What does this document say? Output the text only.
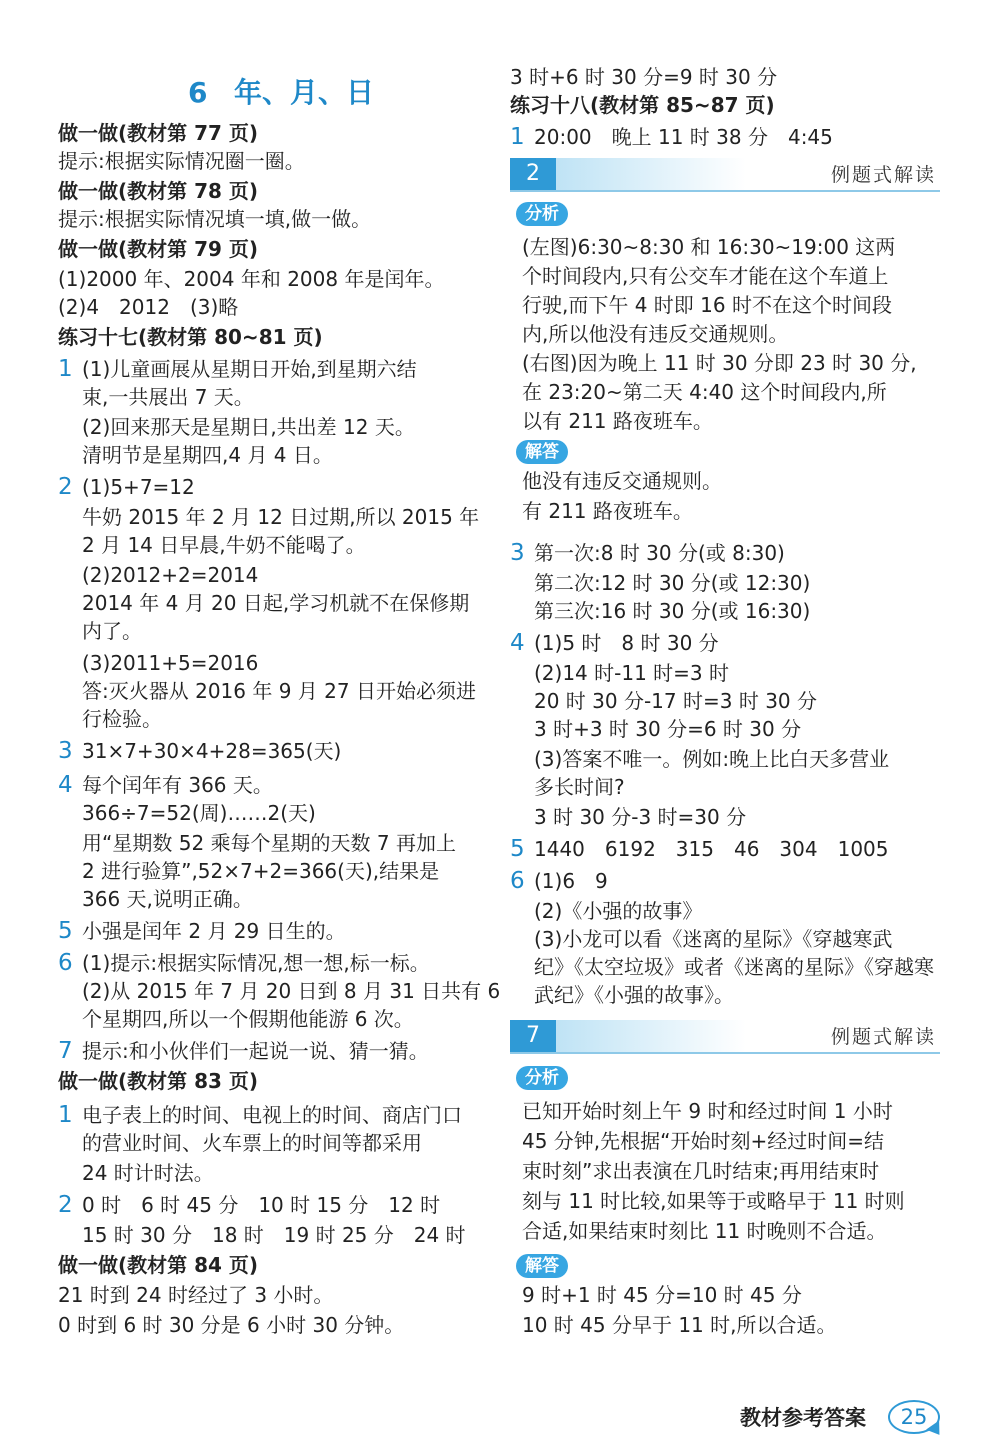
6 年、月、日
做一做(教材第 77 页)
提示:根据实际情况圈一圈。
做一做(教材第 78 页)
提示:根据实际情况填一填,做一做。
做一做(教材第 79 页)
(1)2000 年、2004 年和 2008 年是闰年。
(2)4　2012　(3)略
练习十七(教材第 80~81 页)
1 (1)儿童画展从星期日开始,到星期六结
束,一共展出 7 天。
(2)回来那天是星期日,共出差 12 天。
清明节是星期四,4 月 4 日。
2 (1)5+7=12
牛奶 2015 年 2 月 12 日过期,所以 2015 年
2 月 14 日早晨,牛奶不能喝了。
(2)2012+2=2014
2014 年 4 月 20 日起,学习机就不在保修期
内了。
(3)2011+5=2016
答:灭火器从 2016 年 9 月 27 日开始必须进
行检验。
3 31×7+30×4+28=365(天)
4 每个闰年有 366 天。
366÷7=52(周)……2(天)
用“星期数 52 乘每个星期的天数 7 再加上
2 进行验算”,52×7+2=366(天),结果是
366 天,说明正确。
5 小强是闰年 2 月 29 日生的。
6 (1)提示:根据实际情况,想一想,标一标。
(2)从 2015 年 7 月 20 日到 8 月 31 日共有 6
个星期四,所以一个假期他能游 6 次。
7 提示:和小伙伴们一起说一说、猜一猜。
做一做(教材第 83 页)
1 电子表上的时间、电视上的时间、商店门口
的营业时间、火车票上的时间等都采用
24 时计时法。
2 0 时　6 时 45 分　10 时 15 分　12 时
15 时 30 分　18 时　19 时 25 分　24 时
做一做(教材第 84 页)
21 时到 24 时经过了 3 小时。
0 时到 6 时 30 分是 6 小时 30 分钟。
3 时+6 时 30 分=9 时 30 分
练习十八(教材第 85~87 页)
1 20:00　晚上 11 时 38 分　4:45
2	例题式解读
分析
(左图)6:30~8:30 和 16:30~19:00 这两
个时间段内,只有公交车才能在这个车道上
行驶,而下午 4 时即 16 时不在这个时间段
内,所以他没有违反交通规则。
(右图)因为晚上 11 时 30 分即 23 时 30 分,
在 23:20~第二天 4:40 这个时间段内,所
以有 211 路夜班车。
解答
他没有违反交通规则。
有 211 路夜班车。
3 第一次:8 时 30 分(或 8:30)
第二次:12 时 30 分(或 12:30)
第三次:16 时 30 分(或 16:30)
4 (1)5 时　8 时 30 分
(2)14 时-11 时=3 时
20 时 30 分-17 时=3 时 30 分
3 时+3 时 30 分=6 时 30 分
(3)答案不唯一。例如:晚上比白天多营业
多长时间?
3 时 30 分-3 时=30 分
5 1440　6192　315　46　304　1005
6 (1)6　9
(2)《小强的故事》
(3)小龙可以看《迷离的星际》《穿越寒武
纪》《太空垃圾》或者《迷离的星际》《穿越寒
武纪》《小强的故事》。
7	例题式解读
分析
已知开始时刻上午 9 时和经过时间 1 小时
45 分钟,先根据“开始时刻+经过时间=结
束时刻”求出表演在几时结束;再用结束时
刻与 11 时比较,如果等于或略早于 11 时则
合适,如果结束时刻比 11 时晚则不合适。
解答
9 时+1 时 45 分=10 时 45 分
10 时 45 分早于 11 时,所以合适。
教材参考答案	25
